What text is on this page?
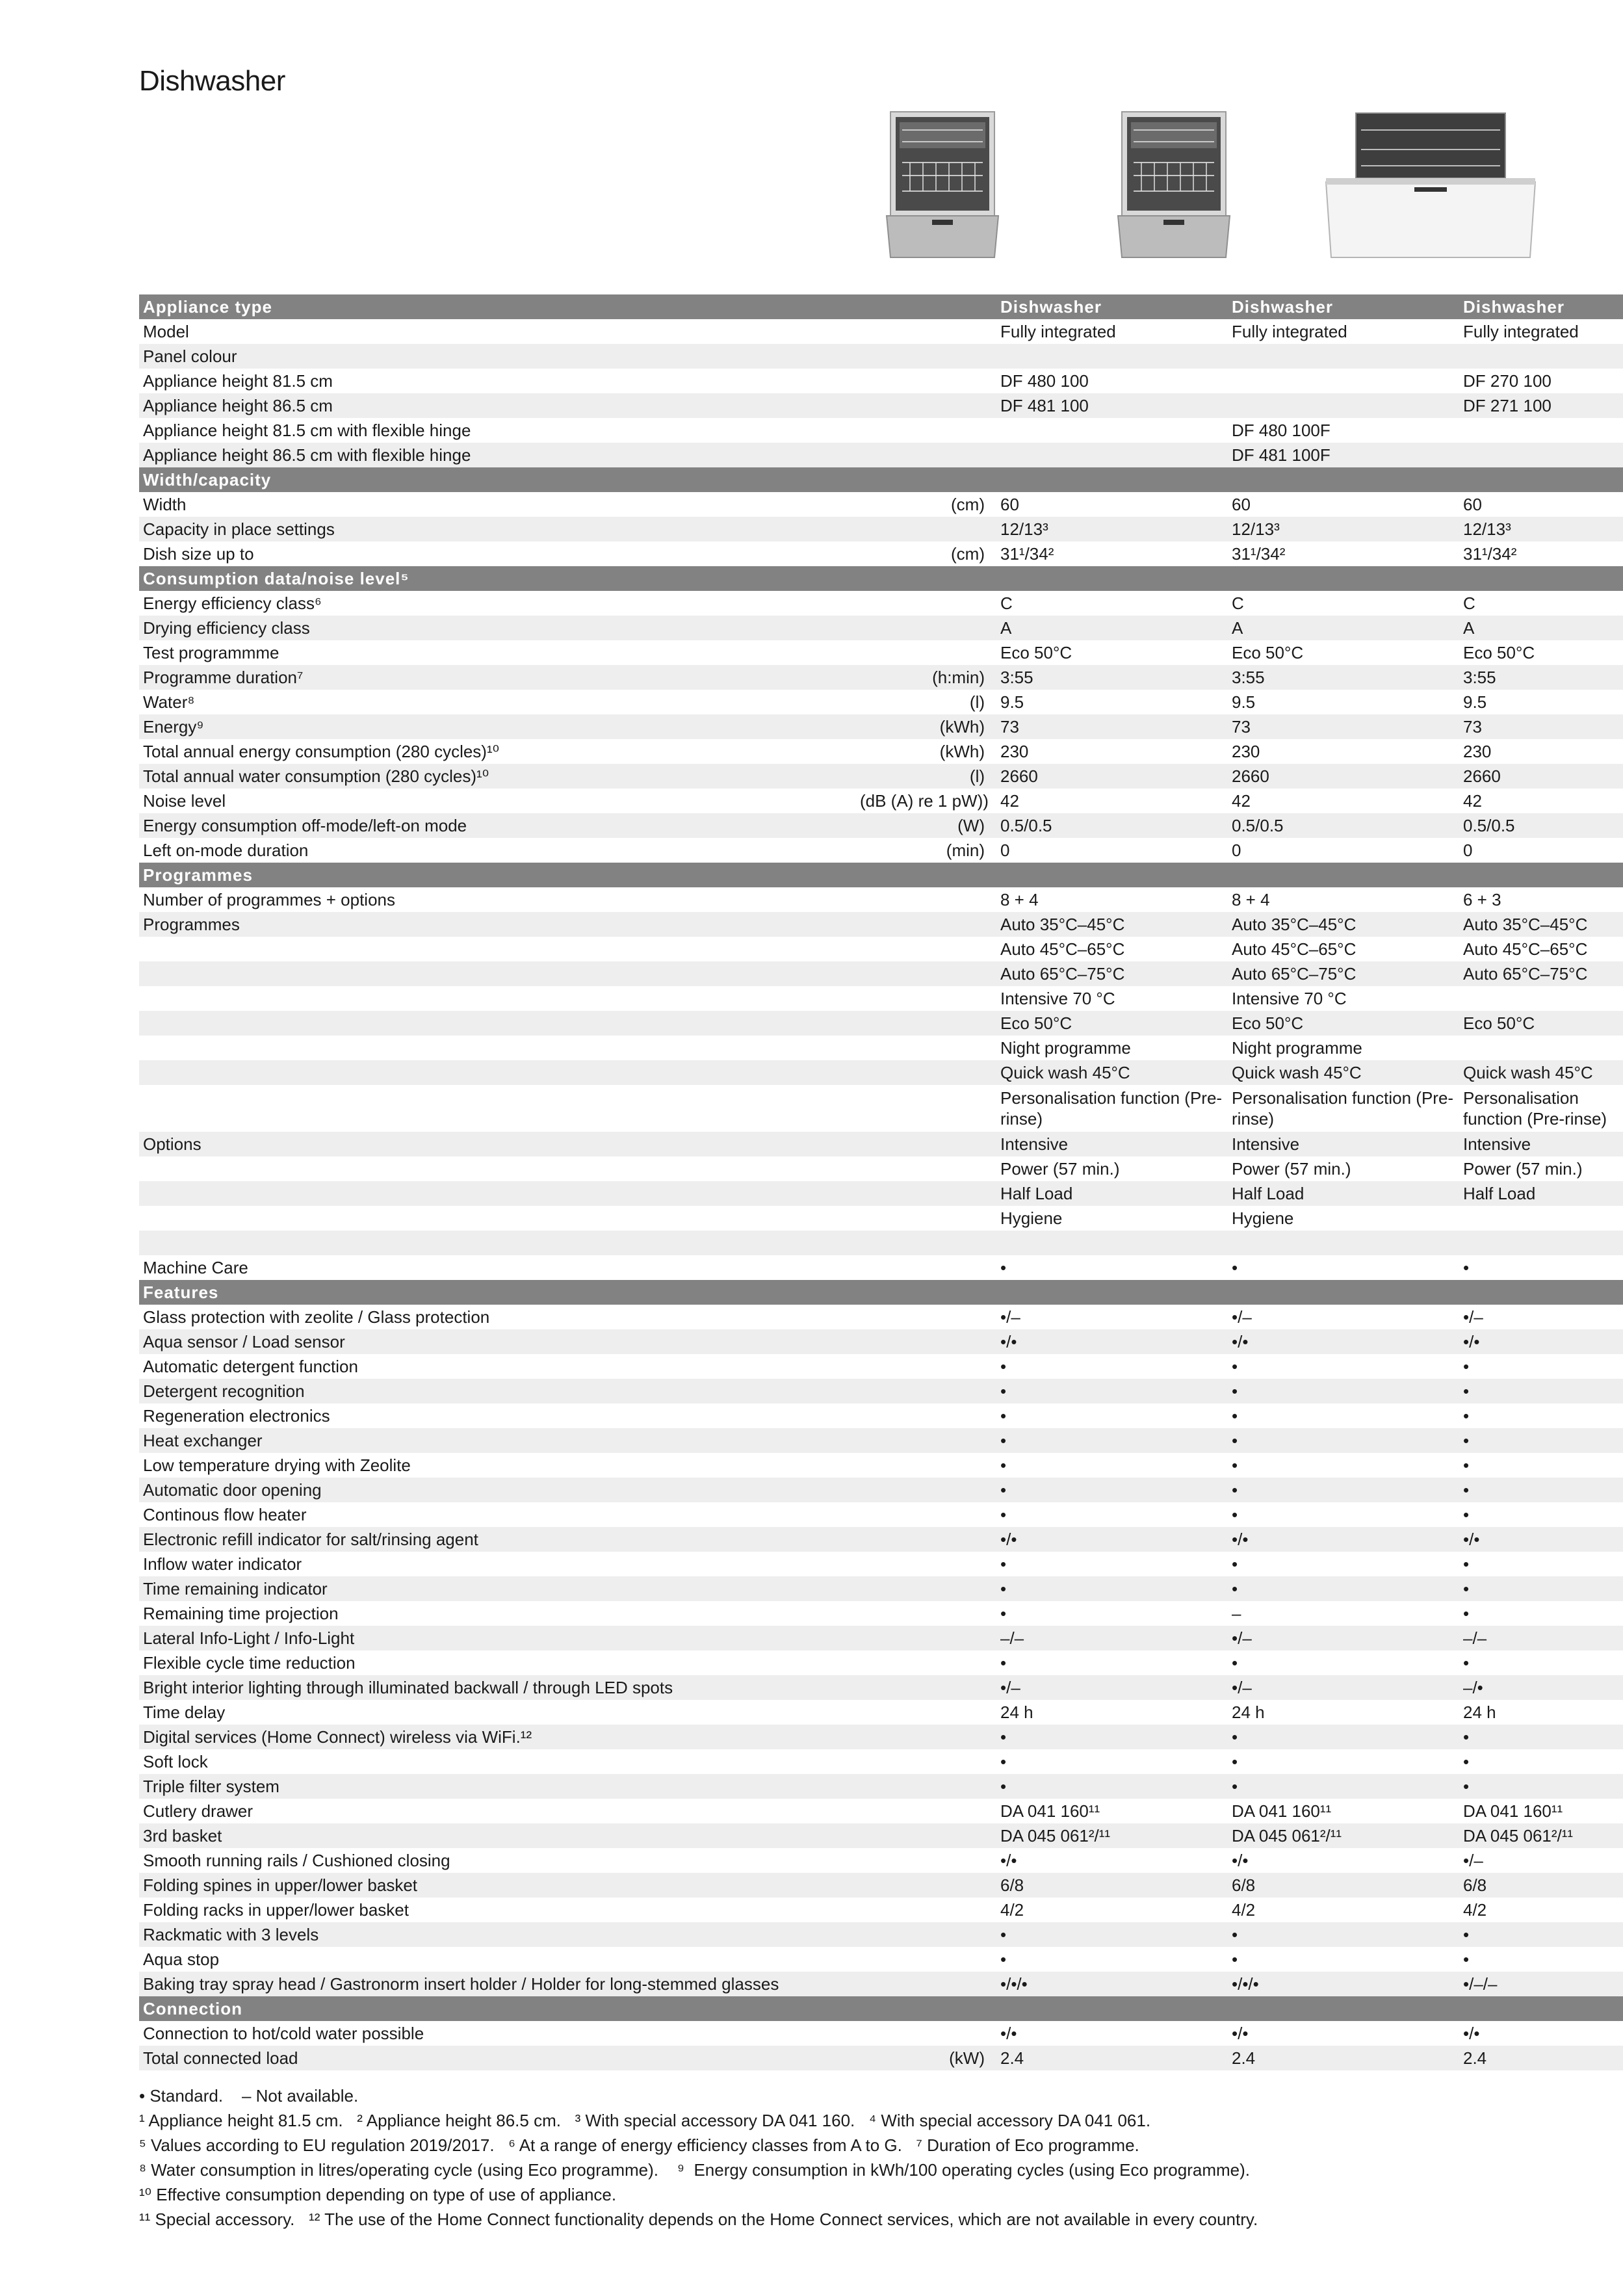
Dishwasher
Appliance type		Dishwasher	Dishwasher	Dishwasher	
Model		Fully integrated	Fully integrated	Fully integrated	
Panel colour					
Appliance height 81.5 cm		DF 480 100		DF 270 100	
Appliance height 86.5 cm		DF 481 100		DF 271 100	
Appliance height 81.5 cm with flexible hinge			DF 480 100F		
Appliance height 86.5 cm with flexible hinge			DF 481 100F		
Width/capacity					
Width	(cm)	60	60	60	
Capacity in place settings		12/13³	12/13³	12/13³	
Dish size up to	(cm)	31¹/34²	31¹/34²	31¹/34²	
Consumption data/noise level⁵					
Energy efficiency class⁶		C	C	C	
Drying efficiency class		A	A	A	
Test programmme		Eco 50°C	Eco 50°C	Eco 50°C	
Programme duration⁷	(h:min)	3:55	3:55	3:55	
Water⁸	(l)	9.5	9.5	9.5	
Energy⁹	(kWh)	73	73	73	
Total annual energy consumption (280 cycles)¹⁰	(kWh)	230	230	230	
Total annual water consumption (280 cycles)¹⁰	(l)	2660	2660	2660	
Noise level	(dB (A) re 1 pW))	42	42	42	
Energy consumption off-mode/left-on mode	(W)	0.5/0.5	0.5/0.5	0.5/0.5	
Left on-mode duration	(min)	0	0	0	
Programmes					
Number of programmes + options		8 + 4	8 + 4	6 + 3	
Programmes		Auto 35°C–45°C	Auto 35°C–45°C	Auto 35°C–45°C	
		Auto 45°C–65°C	Auto 45°C–65°C	Auto 45°C–65°C	
		Auto 65°C–75°C	Auto 65°C–75°C	Auto 65°C–75°C	
		Intensive 70 °C	Intensive 70 °C		
		Eco 50°C	Eco 50°C	Eco 50°C	
		Night programme	Night programme		
		Quick wash 45°C	Quick wash 45°C	Quick wash 45°C	
		Personalisation function (Pre-rinse)	Personalisation function (Pre-rinse)	Personalisation function (Pre-rinse)	
Options		Intensive	Intensive	Intensive	
		Power (57 min.)	Power (57 min.)	Power (57 min.)	
		Half Load	Half Load	Half Load	
		Hygiene	Hygiene		

Machine Care		•	•	•	
Features					
Glass protection with zeolite / Glass protection		•/–	•/–	•/–	
Aqua sensor / Load sensor		•/•	•/•	•/•	
Automatic detergent function		•	•	•	
Detergent recognition		•	•	•	
Regeneration electronics		•	•	•	
Heat exchanger		•	•	•	
Low temperature drying with Zeolite		•	•	•	
Automatic door opening		•	•	•	
Continous flow heater		•	•	•	
Electronic refill indicator for salt/rinsing agent		•/•	•/•	•/•	
Inflow water indicator		•	•	•	
Time remaining indicator		•	•	•	
Remaining time projection		•	–	•	
Lateral Info-Light / Info-Light		–/–	•/–	–/–	
Flexible cycle time reduction		•	•	•	
Bright interior lighting through illuminated backwall / through LED spots		•/–	•/–	–/•	
Time delay		24 h	24 h	24 h	
Digital services (Home Connect) wireless via WiFi.¹²		•	•	•	
Soft lock		•	•	•	
Triple filter system		•	•	•	
Cutlery drawer		DA 041 160¹¹	DA 041 160¹¹	DA 041 160¹¹	
3rd basket		DA 045 061²/¹¹	DA 045 061²/¹¹	DA 045 061²/¹¹	
Smooth running rails / Cushioned closing		•/•	•/•	•/–	
Folding spines in upper/lower basket		6/8	6/8	6/8	
Folding racks in upper/lower basket		4/2	4/2	4/2	
Rackmatic with 3 levels		•	•	•	
Aqua stop		•	•	•	
Baking tray spray head / Gastronorm insert holder / Holder for long-stemmed glasses		•/•/•	•/•/•	•/–/–	
Connection					
Connection to hot/cold water possible		•/•	•/•	•/•	
Total connected load	(kW)	2.4	2.4	2.4	

• Standard.    – Not available.

¹ Appliance height 81.5 cm.   ² Appliance height 86.5 cm.   ³ With special accessory DA 041 160.   ⁴ With special accessory DA 041 061.

⁵ Values according to EU regulation 2019/2017.   ⁶ At a range of energy efficiency classes from A to G.   ⁷ Duration of Eco programme.

⁸ Water consumption in litres/operating cycle (using Eco programme).    ⁹  Energy consumption in kWh/100 operating cycles (using Eco programme).

¹⁰ Effective consumption depending on type of use of appliance.

¹¹ Special accessory.   ¹² The use of the Home Connect functionality depends on the Home Connect services, which are not available in every country.
